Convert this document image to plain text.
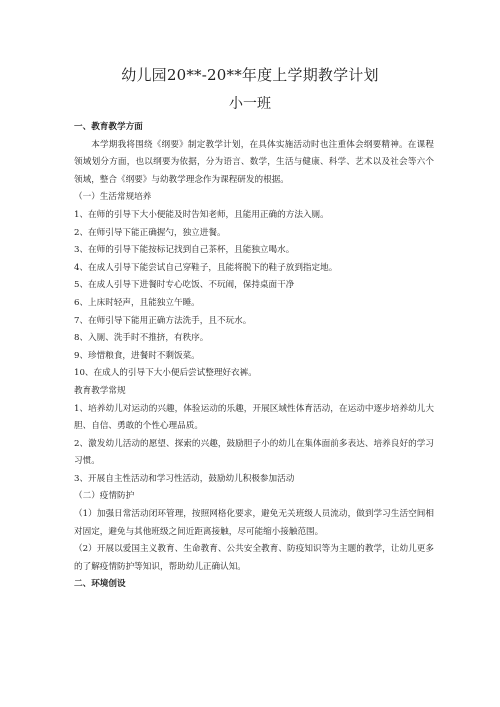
幼儿园20**-20**年度上学期教学计划
小一班

一、教育教学方面

本学期我将围绕《纲要》制定教学计划，在具体实施活动时也注重体会纲要精神。在课程领域划分方面，也以纲要为依据，分为语言、数学，生活与健康、科学、艺术以及社会等六个领域，整合《纲要》与幼教学理念作为课程研发的根据。

（一）生活常规培养

1、在师的引导下大小便能及时告知老师，且能用正确的方法入厕。

2、在师引导下能正确握勺，独立进餐。

3、在师的引导下能按标记找到自己茶杯，且能独立喝水。

4、在成人引导下能尝试自己穿鞋子，且能将脱下的鞋子放到指定地。

5、在成人引导下进餐时专心吃饭、不玩闹，保持桌面干净

6、上床时轻声，且能独立午睡。

7、在师引导下能用正确方法洗手，且不玩水。

8、入厕、洗手时不推挤，有秩序。

9、珍惜粮食，进餐时不剩饭菜。

10、在成人的引导下大小便后尝试整理好衣裤。

教育教学常规

1、培养幼儿对运动的兴趣，体验运动的乐趣，开展区域性体育活动，在运动中逐步培养幼儿大胆、自信、勇敢的个性心理品质。

2、激发幼儿活动的愿望、探索的兴趣，鼓励胆子小的幼儿在集体面前多表达、培养良好的学习习惯。

3、开展自主性活动和学习性活动，鼓励幼儿积极参加活动

（二）疫情防护

（1）加强日常活动闭环管理，按照网格化要求，避免无关班级人员流动，做到学习生活空间相对固定，避免与其他班级之间近距离接触，尽可能缩小接触范围。

（2）开展以爱国主义教育、生命教育、公共安全教育、防疫知识等为主题的教学，让幼儿更多的了解疫情防护等知识，帮助幼儿正确认知。

二、环境创设
